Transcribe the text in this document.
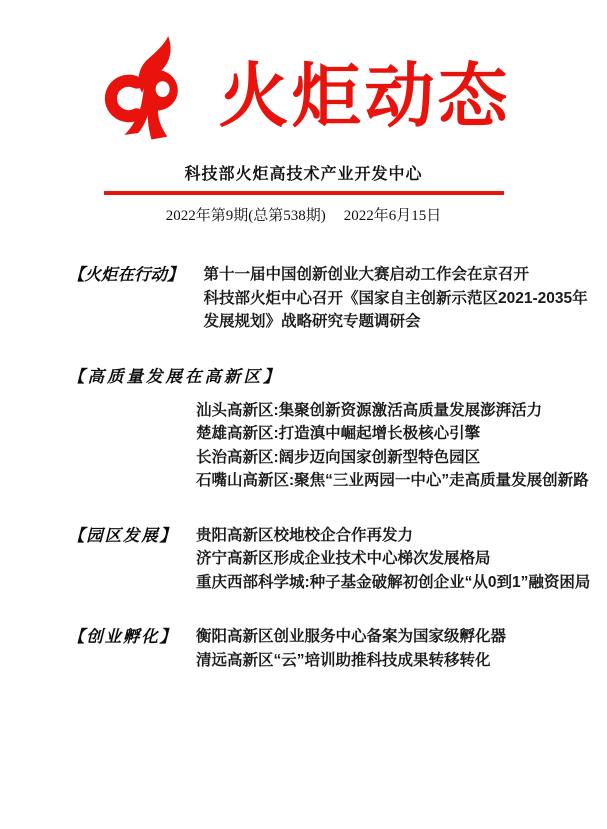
火炬动态
科技部火炬高技术产业开发中心
2022年第9期(总第538期) 2022年6月15日
【火炬在行动】 第十一届中国创新创业大赛启动工作会在京召开
科技部火炬中心召开《国家自主创新示范区2021-2035年发展规划》战略研究专题调研会
【高质量发展在高新区】
汕头高新区:集聚创新资源激活高质量发展澎湃活力
楚雄高新区:打造滇中崛起增长极核心引擎
长治高新区:阔步迈向国家创新型特色园区
石嘴山高新区:聚焦“三业两园一中心”走高质量发展创新路
【园区发展】 贵阳高新区校地校企合作再发力
济宁高新区形成企业技术中心梯次发展格局
重庆西部科学城:种子基金破解初创企业“从0到1”融资困局
【创业孵化】 衡阳高新区创业服务中心备案为国家级孵化器
清远高新区“云”培训助推科技成果转移转化
